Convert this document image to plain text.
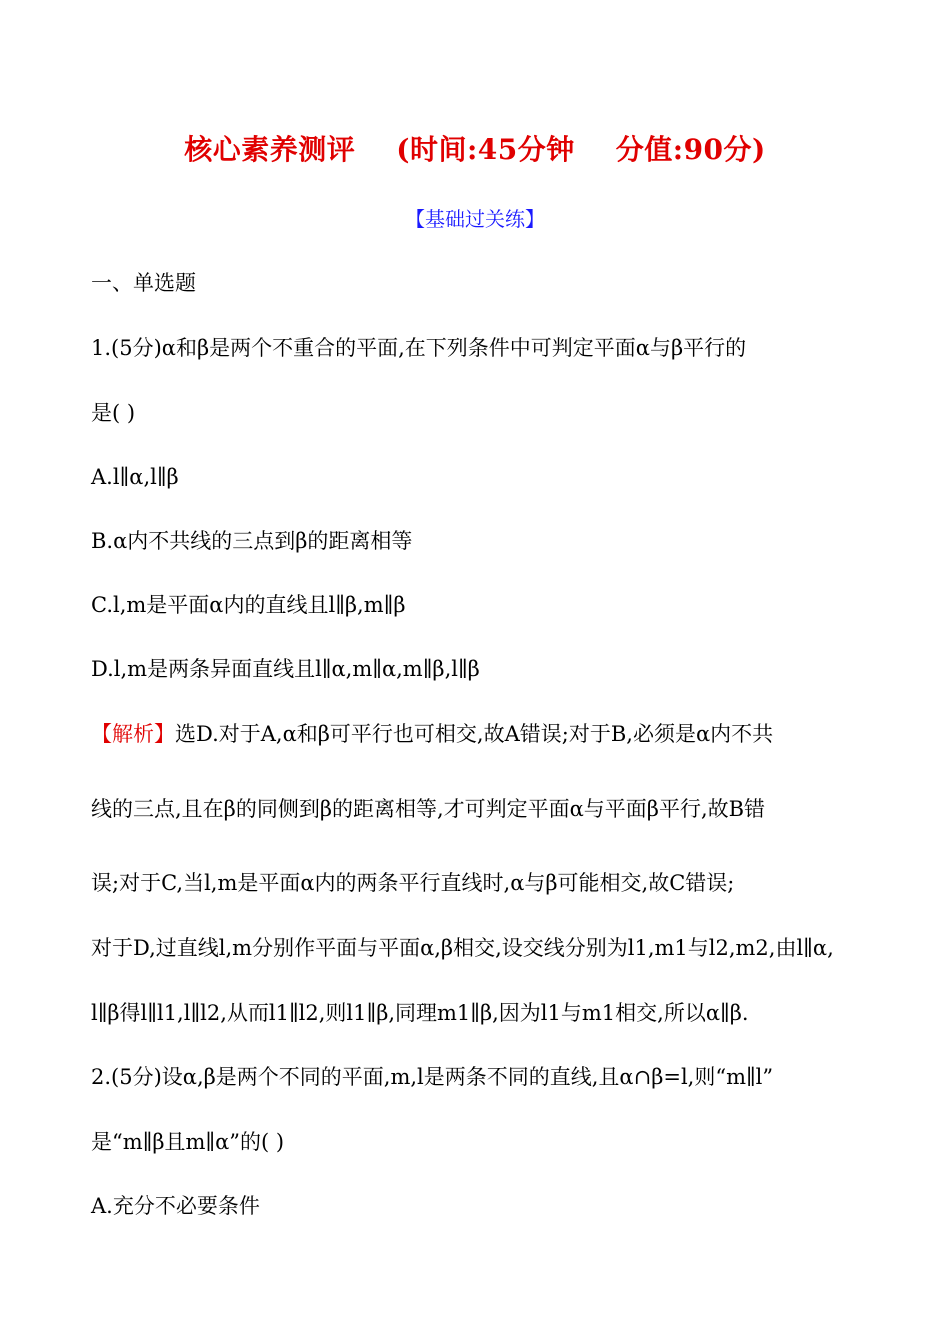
核心素养测评    (时间:45分钟    分值:90分)
【基础过关练】
一、单选题
1.(5分)α和β是两个不重合的平面,在下列条件中可判定平面α与β平行的
是( )
A.l∥α,l∥β
B.α内不共线的三点到β的距离相等
C.l,m是平面α内的直线且l∥β,m∥β
D.l,m是两条异面直线且l∥α,m∥α,m∥β,l∥β
【解析】选D.对于A,α和β可平行也可相交,故A错误;对于B,必须是α内不共
线的三点,且在β的同侧到β的距离相等,才可判定平面α与平面β平行,故B错
误;对于C,当l,m是平面α内的两条平行直线时,α与β可能相交,故C错误;
对于D,过直线l,m分别作平面与平面α,β相交,设交线分别为l1,m1与l2,m2,由l∥α,
l∥β得l∥l1,l∥l2,从而l1∥l2,则l1∥β,同理m1∥β,因为l1与m1相交,所以α∥β.
2.(5分)设α,β是两个不同的平面,m,l是两条不同的直线,且α∩β=l,则“m∥l”
是“m∥β且m∥α”的( )
A.充分不必要条件
